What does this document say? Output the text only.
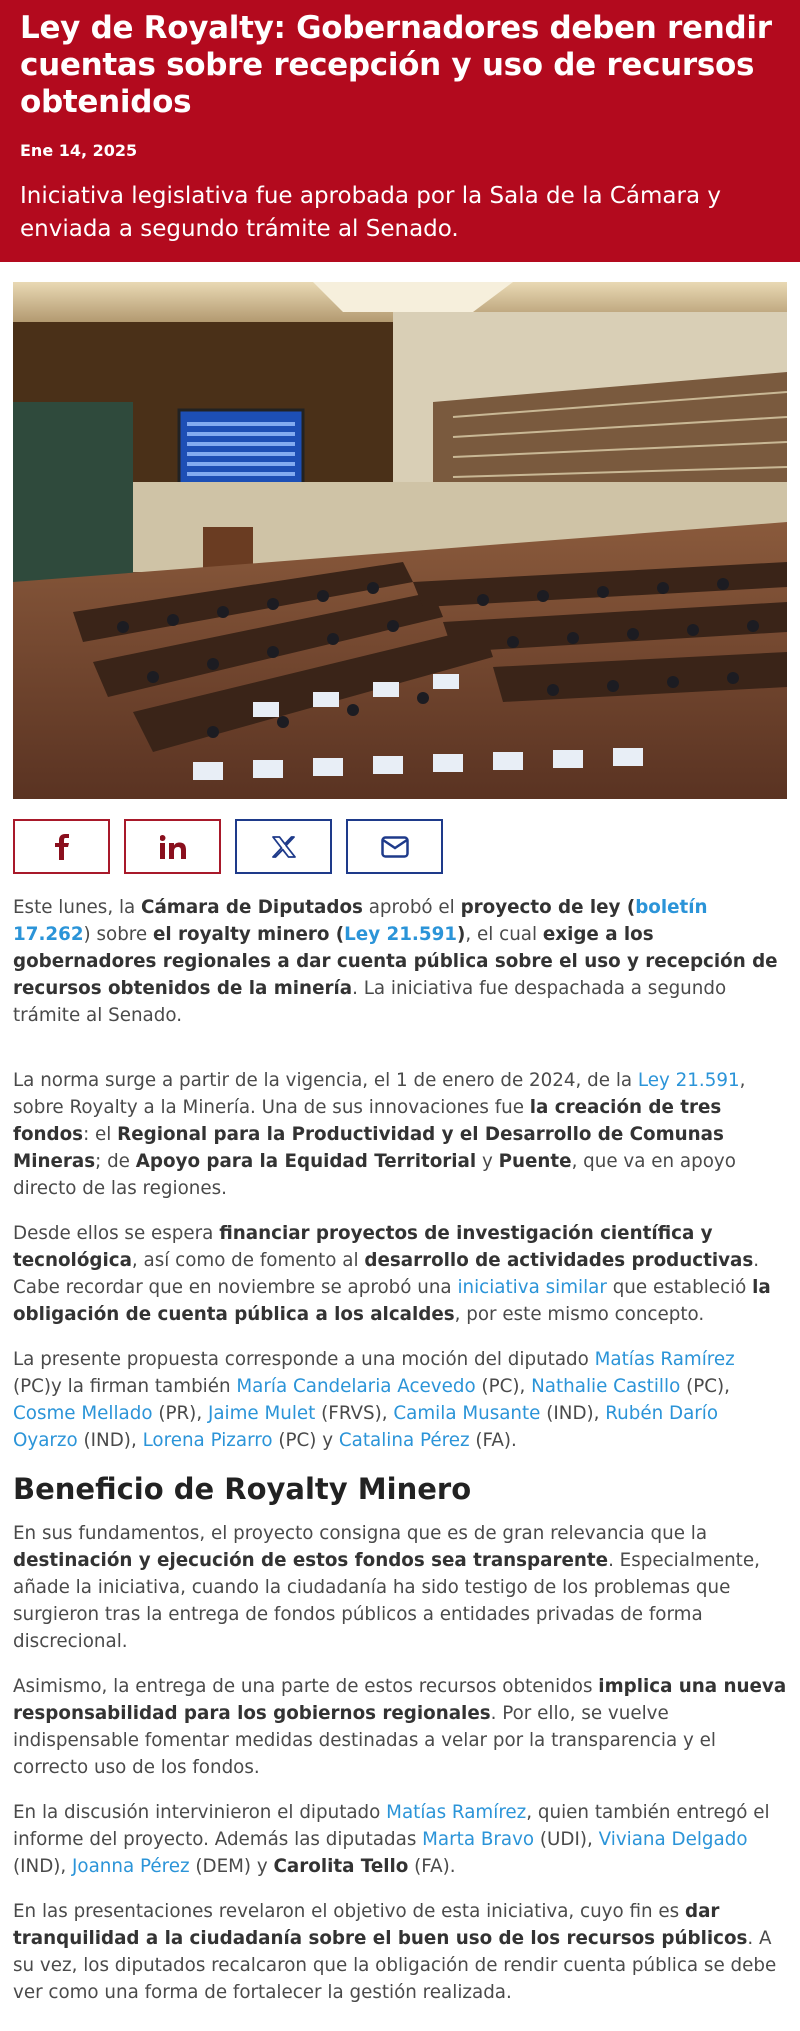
Ley de Royalty: Gobernadores deben rendir cuentas sobre recepción y uso de recursos obtenidos
Ene 14, 2025
Iniciativa legislativa fue aprobada por la Sala de la Cámara y enviada a segundo trámite al Senado.

Este lunes, la Cámara de Diputados aprobó el proyecto de ley (boletín 17.262) sobre el royalty minero (Ley 21.591), el cual exige a los gobernadores regionales a dar cuenta pública sobre el uso y recepción de recursos obtenidos de la minería. La iniciativa fue despachada a segundo trámite al Senado.

La norma surge a partir de la vigencia, el 1 de enero de 2024, de la Ley 21.591, sobre Royalty a la Minería. Una de sus innovaciones fue la creación de tres fondos: el Regional para la Productividad y el Desarrollo de Comunas Mineras; de Apoyo para la Equidad Territorial y Puente, que va en apoyo directo de las regiones.

Desde ellos se espera financiar proyectos de investigación científica y tecnológica, así como de fomento al desarrollo de actividades productivas. Cabe recordar que en noviembre se aprobó una iniciativa similar que estableció la obligación de cuenta pública a los alcaldes, por este mismo concepto.

La presente propuesta corresponde a una moción del diputado Matías Ramírez (PC)y la firman también María Candelaria Acevedo (PC), Nathalie Castillo (PC), Cosme Mellado (PR), Jaime Mulet (FRVS), Camila Musante (IND), Rubén Darío Oyarzo (IND), Lorena Pizarro (PC) y Catalina Pérez (FA).

Beneficio de Royalty Minero

En sus fundamentos, el proyecto consigna que es de gran relevancia que la destinación y ejecución de estos fondos sea transparente. Especialmente, añade la iniciativa, cuando la ciudadanía ha sido testigo de los problemas que surgieron tras la entrega de fondos públicos a entidades privadas de forma discrecional.

Asimismo, la entrega de una parte de estos recursos obtenidos implica una nueva responsabilidad para los gobiernos regionales. Por ello, se vuelve indispensable fomentar medidas destinadas a velar por la transparencia y el correcto uso de los fondos.

En la discusión intervinieron el diputado Matías Ramírez, quien también entregó el informe del proyecto. Además las diputadas Marta Bravo (UDI), Viviana Delgado (IND), Joanna Pérez (DEM) y Carolita Tello (FA).

En las presentaciones revelaron el objetivo de esta iniciativa, cuyo fin es dar tranquilidad a la ciudadanía sobre el buen uso de los recursos públicos. A su vez, los diputados recalcaron que la obligación de rendir cuenta pública se debe ver como una forma de fortalecer la gestión realizada.
